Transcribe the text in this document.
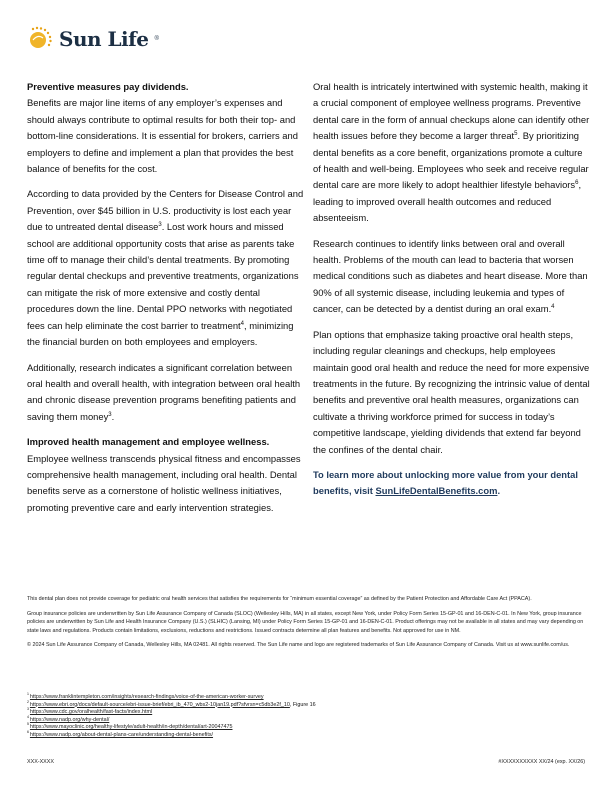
Sun Life ®

Preventive measures pay dividends.
Benefits are major line items of any employer’s expenses and should always contribute to optimal results for both their top- and bottom-line considerations. It is essential for brokers, carriers and employers to define and implement a plan that provides the best balance of benefits for the cost.

According to data provided by the Centers for Disease Control and Prevention, over $45 billion in U.S. productivity is lost each year due to untreated dental disease$^3$. Lost work hours and missed school are additional opportunity costs that arise as parents take time off to manage their child’s dental treatments. By promoting regular dental checkups and preventive treatments, organizations can mitigate the risk of more extensive and costly dental procedures down the line. Dental PPO networks with negotiated fees can help eliminate the cost barrier to treatment$^4$, minimizing the financial burden on both employees and employers.

Additionally, research indicates a significant correlation between oral health and overall health, with integration between oral health and chronic disease prevention programs benefiting patients and saving them money$^3$.

Improved health management and employee wellness.
Employee wellness transcends physical fitness and encompasses comprehensive health management, including oral health. Dental benefits serve as a cornerstone of holistic wellness initiatives, promoting preventive care and early intervention strategies.

Oral health is intricately intertwined with systemic health, making it a crucial component of employee wellness programs. Preventive dental care in the form of annual checkups alone can identify other health issues before they become a larger threat$^5$. By prioritizing dental benefits as a core benefit, organizations promote a culture of health and well-being. Employees who seek and receive regular dental care are more likely to adopt healthier lifestyle behaviors$^6$, leading to improved overall health outcomes and reduced absenteeism.

Research continues to identify links between oral and overall health. Problems of the mouth can lead to bacteria that worsen medical conditions such as diabetes and heart disease. More than 90% of all systemic disease, including leukemia and types of cancer, can be detected by a dentist during an oral exam.$^4$

Plan options that emphasize taking proactive oral health steps, including regular cleanings and checkups, help employees maintain good oral health and reduce the need for more expensive treatments in the future. By recognizing the intrinsic value of dental benefits and preventive oral health measures, organizations can cultivate a thriving workforce primed for success in today’s competitive landscape, yielding dividends that extend far beyond the confines of the dental chair.

To learn more about unlocking more value from your dental benefits, visit SunLifeDentalBenefits.com.

This dental plan does not provide coverage for pediatric oral health services that satisfies the requirements for “minimum essential coverage” as defined by the Patient Protection and Affordable Care Act (PPACA).

Group insurance policies are underwritten by Sun Life Assurance Company of Canada (SLOC) (Wellesley Hills, MA) in all states, except New York, under Policy Form Series 15-GP-01 and 16-DEN-C-01. In New York, group insurance policies are underwritten by Sun Life and Health Insurance Company (U.S.) (SLHIC) (Lansing, MI) under Policy Form Series 15-GP-01 and 16-DEN-C-01. Product offerings may not be available in all states and may vary depending on state laws and regulations. Products contain limitations, exclusions, reductions and restrictions. Issued contracts determine all plan features and benefits. Not approved for use in NM.

© 2024 Sun Life Assurance Company of Canada, Wellesley Hills, MA 02481. All rights reserved. The Sun Life name and logo are registered trademarks of Sun Life Assurance Company of Canada. Visit us at www.sunlife.com/us.

$^1$ https://www.franklintempleton.com/insights/research-findings/voice-of-the-american-worker-survey
$^2$ https://www.ebri.org/docs/default-source/ebri-issue-brief/ebri_ib_470_wbs2-10jan19.pdf?sfvrsn=c5db3e2f_10, Figure 16
$^3$ https://www.cdc.gov/oralhealth/fast-facts/index.html
$^4$ https://www.nadp.org/why-dental/
$^5$ https://www.mayoclinic.org/healthy-lifestyle/adult-health/in-depth/dental/art-20047475
$^6$ https://www.nadp.org/about-dental-plans-care/understanding-dental-benefits/
XXX-XXXX	#XXXXXXXXXX XX/24 (exp. XX/26)
